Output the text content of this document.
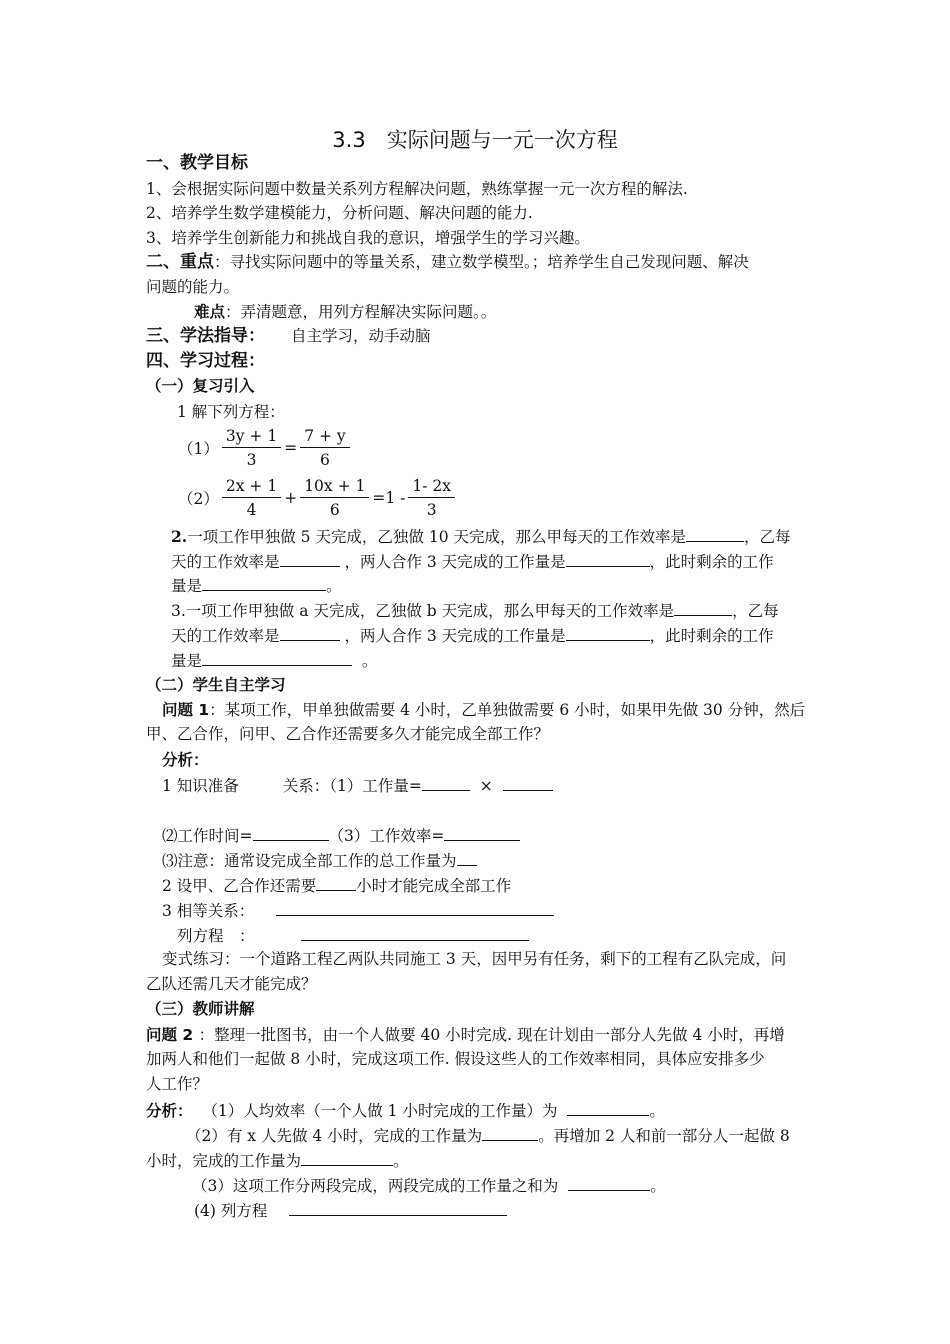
3.3　实际问题与一元一次方程
一、教学目标
1、会根据实际问题中数量关系列方程解决问题，熟练掌握一元一次方程的解法.
2、培养学生数学建模能力，分析问题、解决问题的能力.
3、培养学生创新能力和挑战自我的意识，增强学生的学习兴趣。
二、重点：寻找实际问题中的等量关系，建立数学模型。；培养学生自己发现问题、解决
问题的能力。
难点：弄清题意，用列方程解决实际问题。。
三、学法指导： 自主学习，动手动脑
四、学习过程：
（一）复习引入
1 解下列方程：
$(1) \frac{3y + 1}{3} = \frac{7 + y}{6}$
$(2) \frac{2x + 1}{4} + \frac{10x + 1}{6} =1 - \frac{1- 2x}{3}$
2.一项工作甲独做 5 天完成，乙独做 10 天完成，那么甲每天的工作效率是	，乙每
天的工作效率是	，两人合作 3 天完成的工作量是	，此时剩余的工作
量是	。
3.一项工作甲独做 a 天完成，乙独做 b 天完成，那么甲每天的工作效率是	，乙每
天的工作效率是	，两人合作 3 天完成的工作量是	，此时剩余的工作
量是	。
（二）学生自主学习
问题 1：某项工作，甲单独做需要 4 小时，乙单独做需要 6 小时，如果甲先做 30 分钟，然后
甲、乙合作，问甲、乙合作还需要多久才能完成全部工作？
分析：
1 知识准备	关系：（1）工作量=	×
⑵工作时间=	（3）工作效率=
⑶注意：通常设完成全部工作的总工作量为
2 设甲、乙合作还需要	小时才能完成全部工作
3 相等关系：
列方程　：
变式练习：一个道路工程乙两队共同施工 3 天，因甲另有任务，剩下的工程有乙队完成，问
乙队还需几天才能完成？
（三）教师讲解
问题 2 ：整理一批图书，由一个人做要 40 小时完成. 现在计划由一部分人先做 4 小时，再增
加两人和他们一起做 8 小时，完成这项工作. 假设这些人的工作效率相同，具体应安排多少
人工作？
分析： （1）人均效率（一个人做 1 小时完成的工作量）为	。
（2）有 x 人先做 4 小时，完成的工作量为	。再增加 2 人和前一部分人一起做 8
小时，完成的工作量为	。
（3）这项工作分两段完成，两段完成的工作量之和为	。
(4) 列方程
